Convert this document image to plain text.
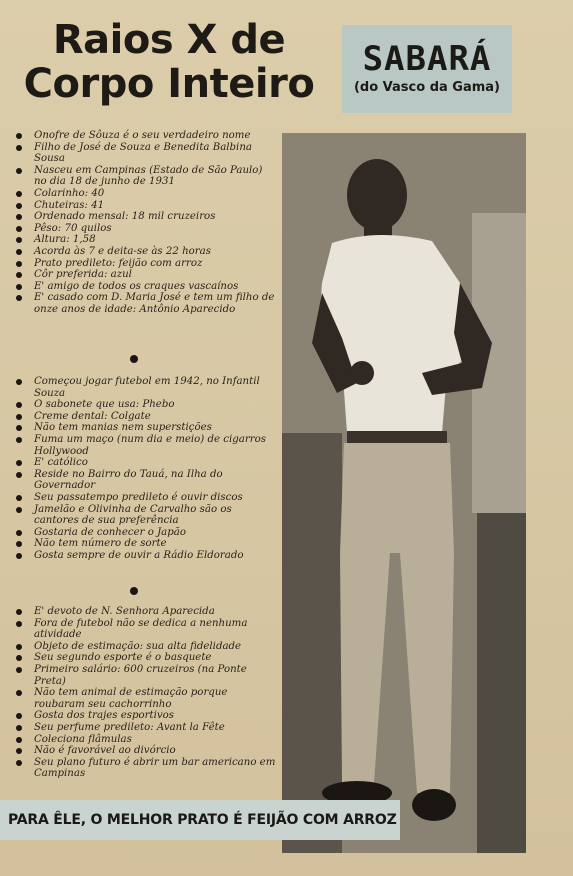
Raios X de
Corpo Inteiro
SABARÁ
(do Vasco da Gama)
Onofre de Sôuza é o seu verdadeiro nome
Filho de José de Souza e Benedita Balbina Sousa
Nasceu em Campinas (Estado de São Paulo) no dia 18 de junho de 1931
Colarinho: 40
Chuteiras: 41
Ordenado mensal: 18 mil cruzeiros
Pêso: 70 quilos
Altura: 1,58
Acorda às 7 e deita-se às 22 horas
Prato predileto: feijão com arroz
Côr preferida: azul
E' amigo de todos os craques vascaínos
E' casado com D. Maria José e tem um filho de onze anos de idade: Antônio Aparecido
Começou jogar futebol em 1942, no Infantil Souza
O sabonete que usa: Phebo
Creme dental: Colgate
Não tem manias nem superstições
Fuma um maço (num dia e meio) de cigarros Hollywood
E' católico
Reside no Bairro do Tauá, na Ilha do Governador
Seu passatempo predileto é ouvir discos
Jamelão e Olivinha de Carvalho são os cantores de sua preferência
Gostaria de conhecer o Japão
Não tem número de sorte
Gosta sempre de ouvir a Rádio Eldorado
E' devoto de N. Senhora Aparecida
Fora de futebol não se dedica a nenhuma atividade
Objeto de estimação: sua alta fidelidade
Seu segundo esporte é o basquete
Primeiro salário: 600 cruzeiros (na Ponte Preta)
Não tem animal de estimação porque roubaram seu cachorrinho
Gosta dos trajes esportivos
Seu perfume predileto: Avant la Fête
Coleciona flâmulas
Não é favorável ao divórcio
Seu plano futuro é abrir um bar americano em Campinas
PARA ÊLE, O MELHOR PRATO É FEIJÃO COM ARROZ
